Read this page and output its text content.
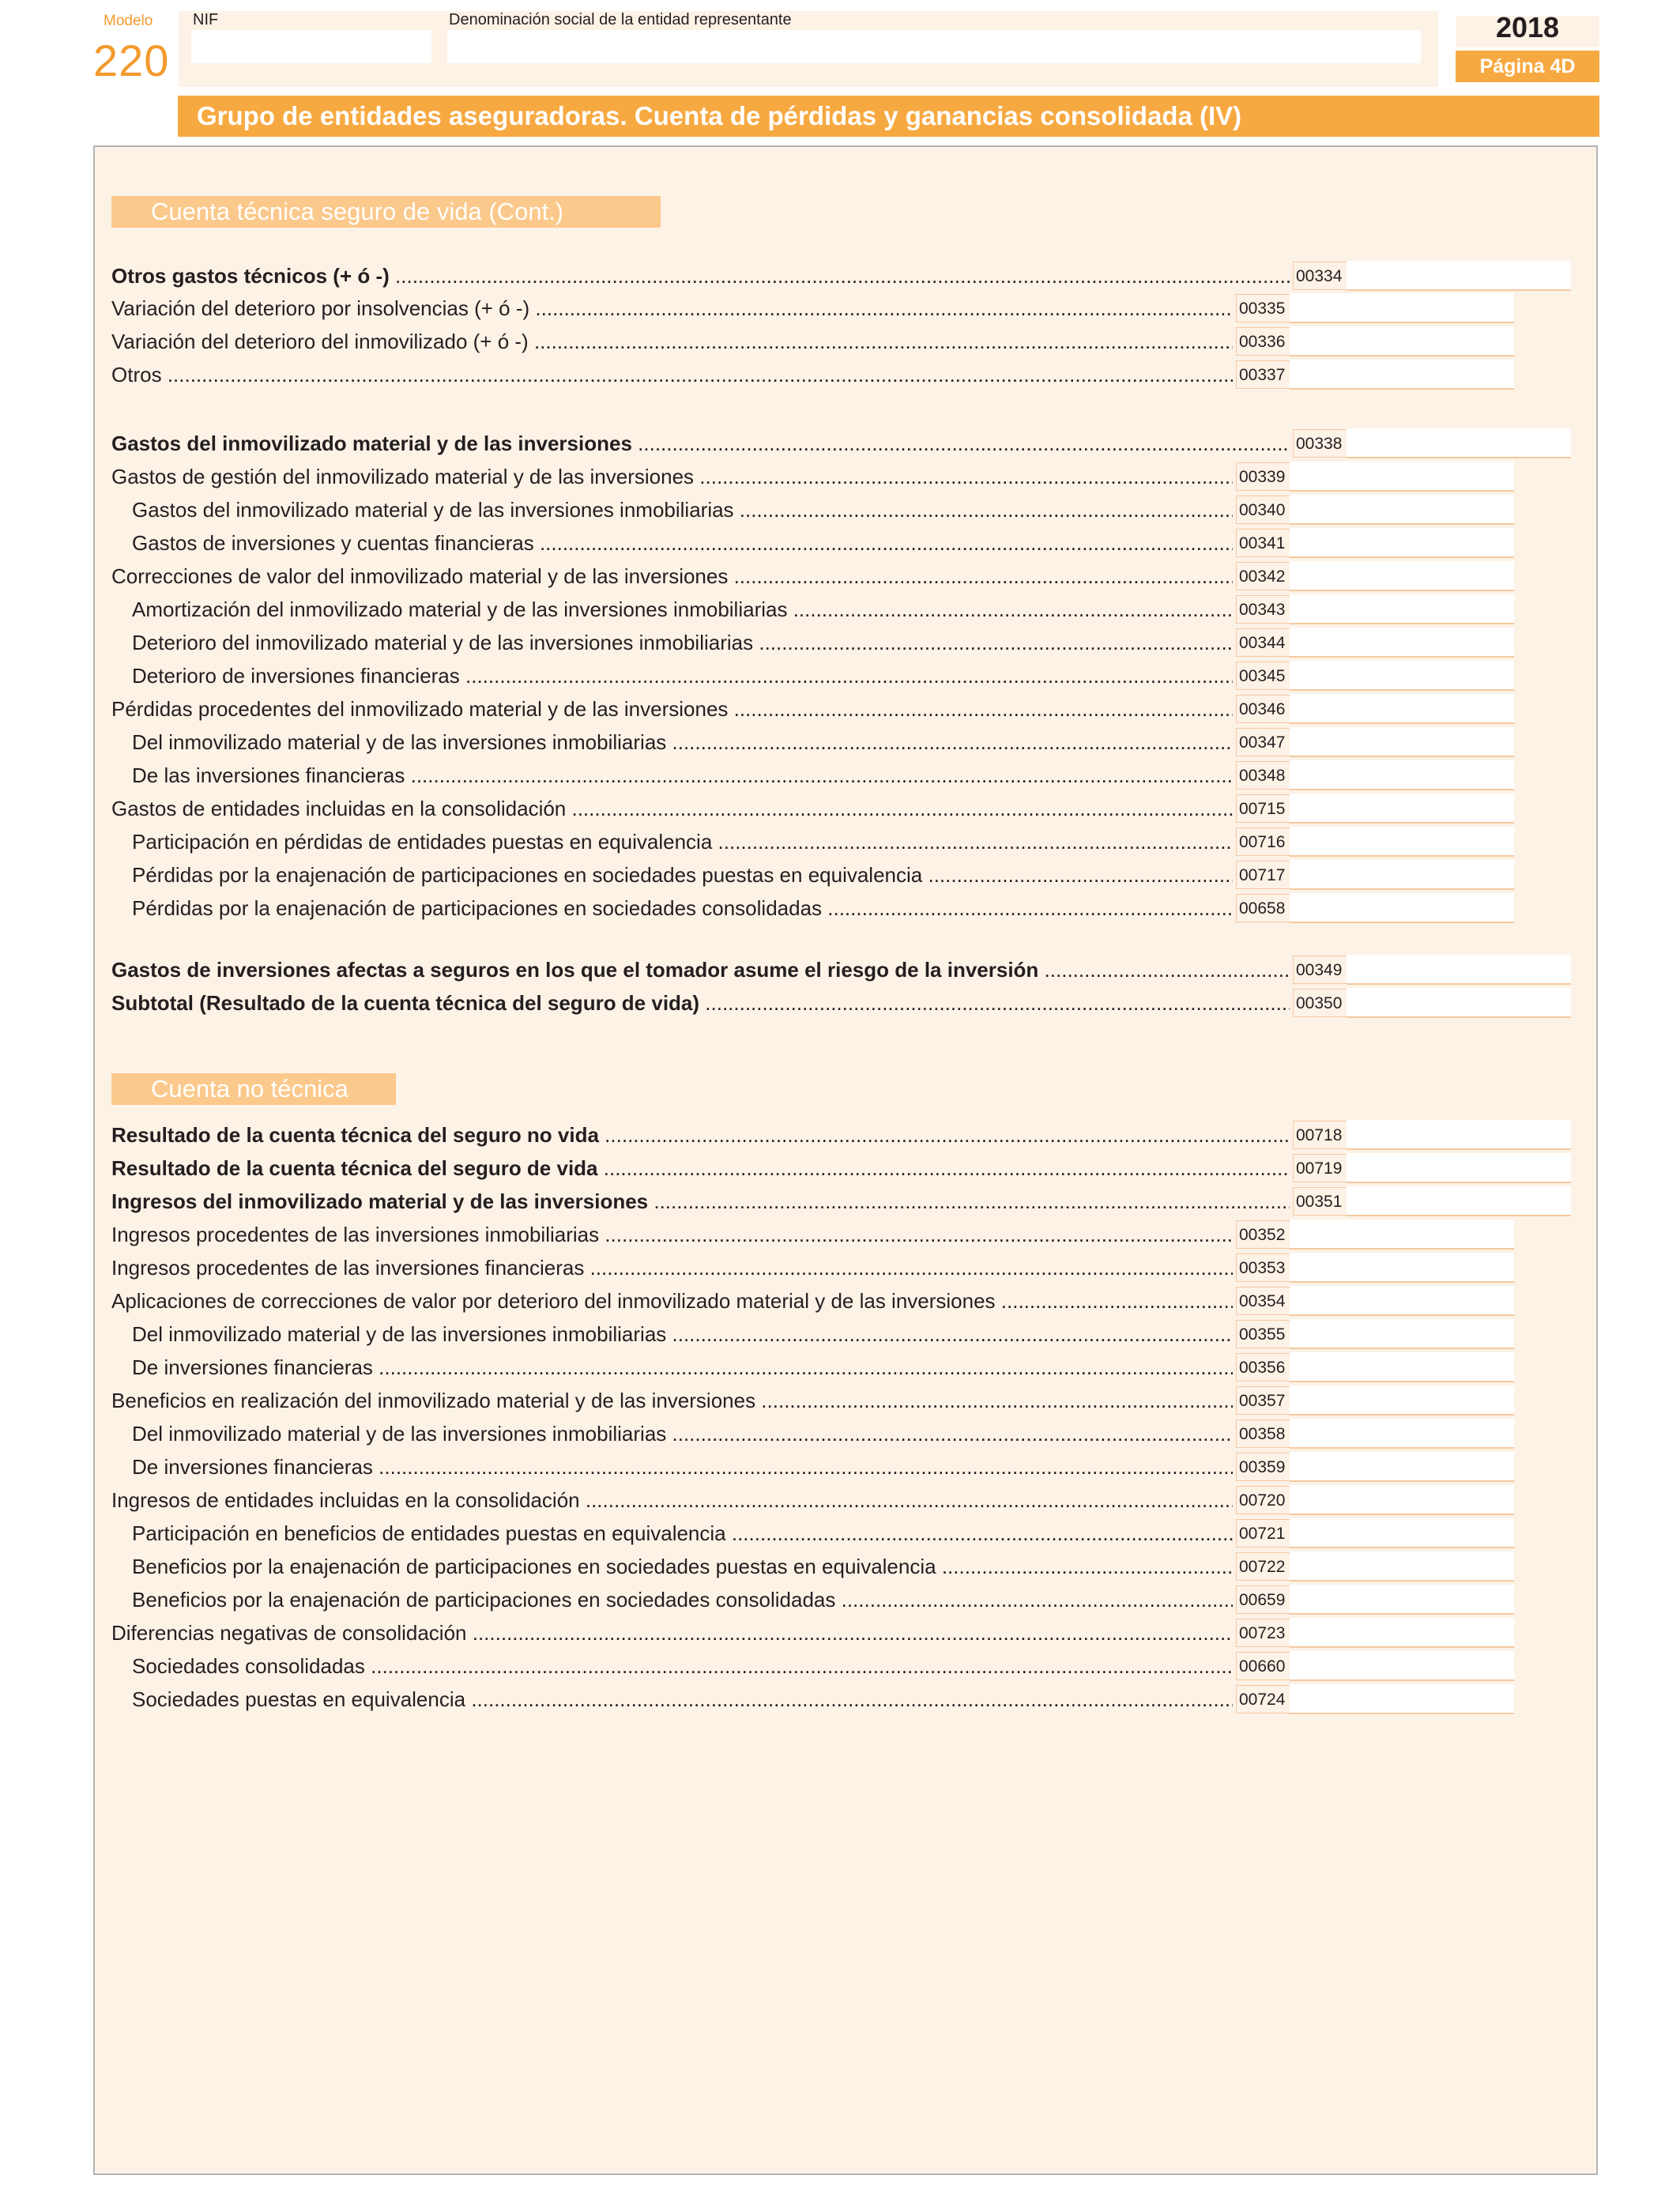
Modelo
220
NIF	Denominación social de la entidad representante	2018
Página 4D
Grupo de entidades aseguradoras. Cuenta de pérdidas y ganancias consolidada (IV)
Cuenta técnica seguro de vida (Cont.)
Cuenta no técnica
Otros gastos técnicos (+ ó -) .....	00334
Variación del deterioro por insolvencias (+ ó -) .....	00335
Variación del deterioro del inmovilizado (+ ó -) .....	00336
Otros .....	00337
Gastos del inmovilizado material y de las inversiones .....	00338
Gastos de gestión del inmovilizado material y de las inversiones .....	00339
Gastos del inmovilizado material y de las inversiones inmobiliarias .....	00340
Gastos de inversiones y cuentas financieras .....	00341
Correcciones de valor del inmovilizado material y de las inversiones .....	00342
Amortización del inmovilizado material y de las inversiones inmobiliarias .....	00343
Deterioro del inmovilizado material y de las inversiones inmobiliarias .....	00344
Deterioro de inversiones financieras .....	00345
Pérdidas procedentes del inmovilizado material y de las inversiones .....	00346
Del inmovilizado material y de las inversiones inmobiliarias .....	00347
De las inversiones financieras .....	00348
Gastos de entidades incluidas en la consolidación .....	00715
Participación en pérdidas de entidades puestas en equivalencia .....	00716
Pérdidas por la enajenación de participaciones en sociedades puestas en equivalencia .....	00717
Pérdidas por la enajenación de participaciones en sociedades consolidadas .....	00658
Gastos de inversiones afectas a seguros en los que el tomador asume el riesgo de la inversión .....	00349
Subtotal (Resultado de la cuenta técnica del seguro de vida) .....	00350
Resultado de la cuenta técnica del seguro no vida .....	00718
Resultado de la cuenta técnica del seguro de vida .....	00719
Ingresos del inmovilizado material y de las inversiones .....	00351
Ingresos procedentes de las inversiones inmobiliarias .....	00352
Ingresos procedentes de las inversiones financieras .....	00353
Aplicaciones de correcciones de valor por deterioro del inmovilizado material y de las inversiones .....	00354
Del inmovilizado material y de las inversiones inmobiliarias .....	00355
De inversiones financieras .....	00356
Beneficios en realización del inmovilizado material y de las inversiones .....	00357
Del inmovilizado material y de las inversiones inmobiliarias .....	00358
De inversiones financieras .....	00359
Ingresos de entidades incluidas en la consolidación .....	00720
Participación en beneficios de entidades puestas en equivalencia .....	00721
Beneficios por la enajenación de participaciones en sociedades puestas en equivalencia .....	00722
Beneficios por la enajenación de participaciones en sociedades consolidadas .....	00659
Diferencias negativas de consolidación .....	00723
Sociedades consolidadas .....	00660
Sociedades puestas en equivalencia .....	00724
